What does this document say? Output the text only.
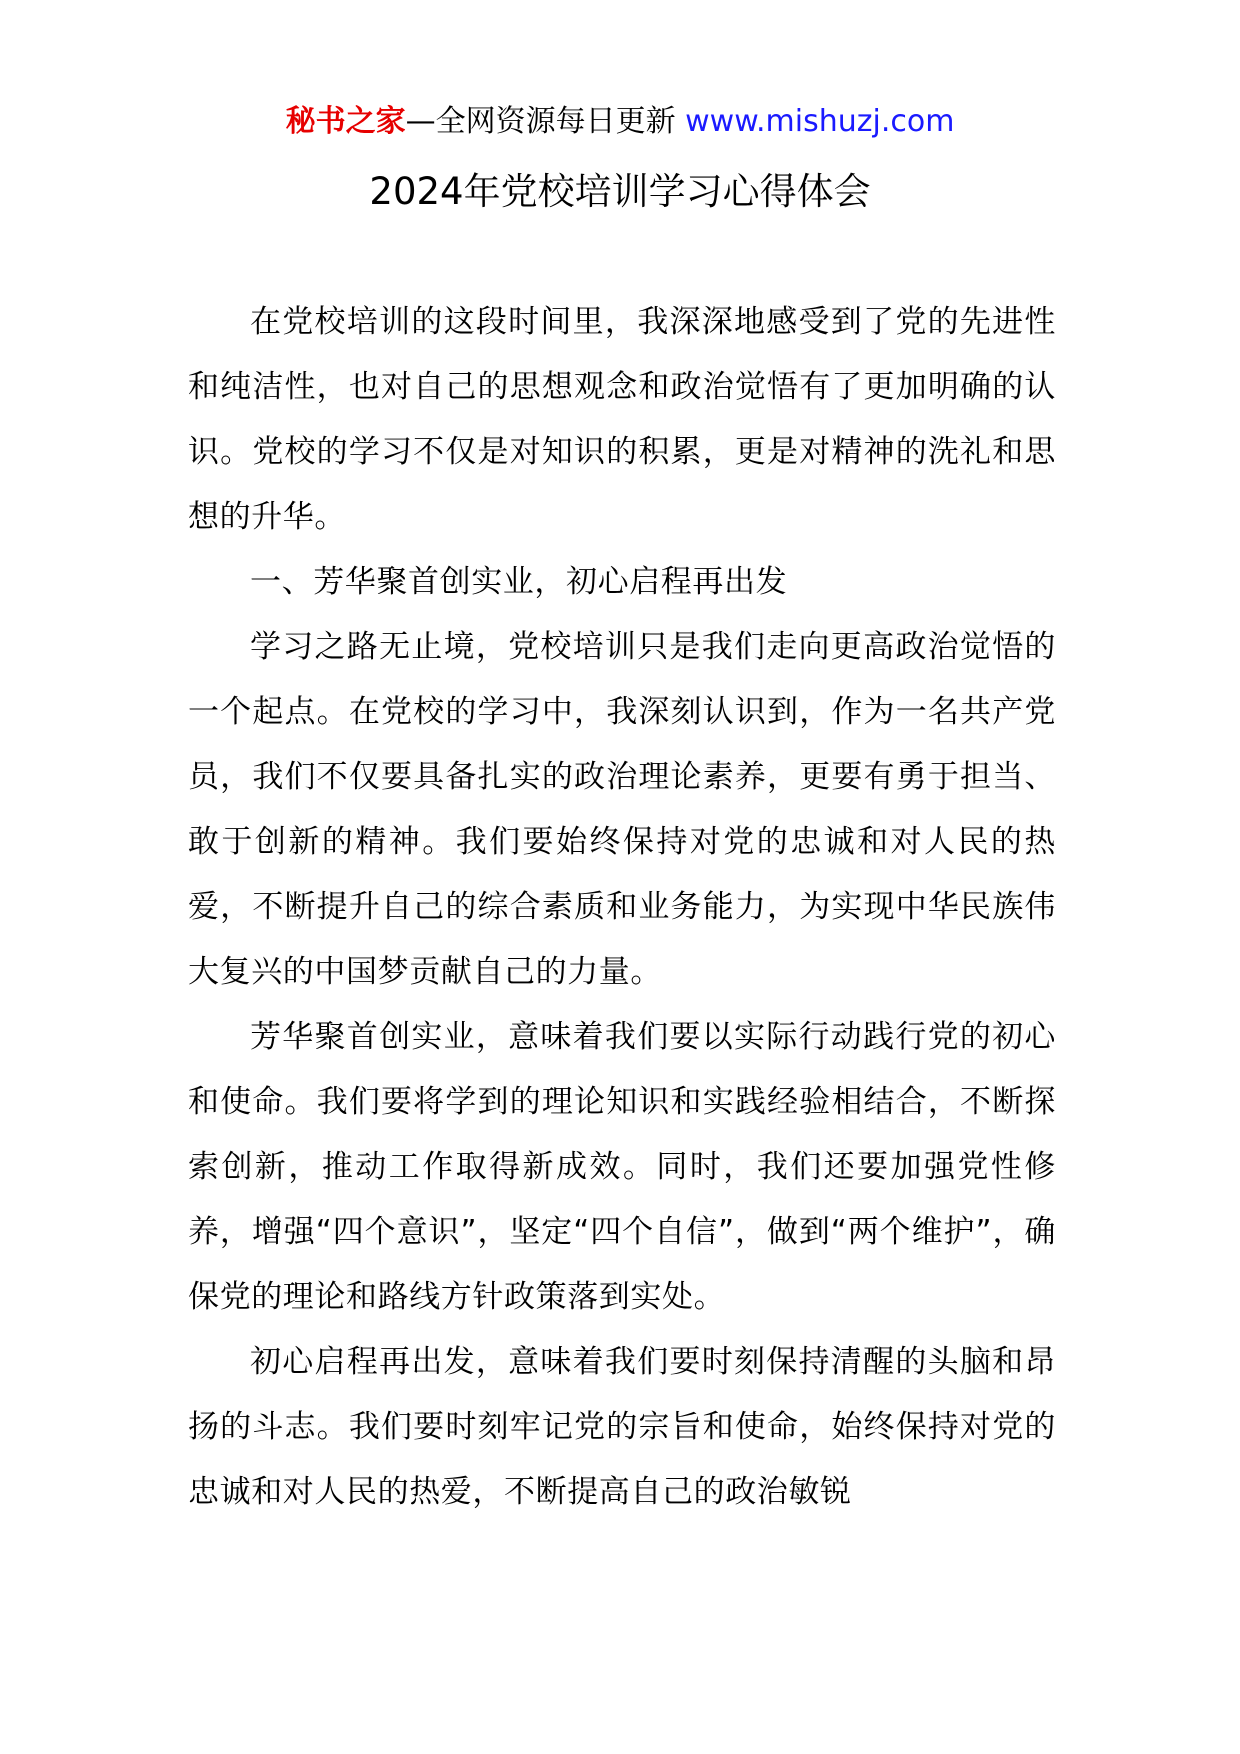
秘书之家—全网资源每日更新 www.mishuzj.com
2024年党校培训学习心得体会

在党校培训的这段时间里，我深深地感受到了党的先进性和纯洁性，也对自己的思想观念和政治觉悟有了更加明确的认识。党校的学习不仅是对知识的积累，更是对精神的洗礼和思想的升华。

一、芳华聚首创实业，初心启程再出发

学习之路无止境，党校培训只是我们走向更高政治觉悟的一个起点。在党校的学习中，我深刻认识到，作为一名共产党员，我们不仅要具备扎实的政治理论素养，更要有勇于担当、敢于创新的精神。我们要始终保持对党的忠诚和对人民的热爱，不断提升自己的综合素质和业务能力，为实现中华民族伟大复兴的中国梦贡献自己的力量。

芳华聚首创实业，意味着我们要以实际行动践行党的初心和使命。我们要将学到的理论知识和实践经验相结合，不断探索创新，推动工作取得新成效。同时，我们还要加强党性修养，增强“四个意识”，坚定“四个自信”，做到“两个维护”，确保党的理论和路线方针政策落到实处。

初心启程再出发，意味着我们要时刻保持清醒的头脑和昂扬的斗志。我们要时刻牢记党的宗旨和使命，始终保持对党的忠诚和对人民的热爱，不断提高自己的政治敏锐
